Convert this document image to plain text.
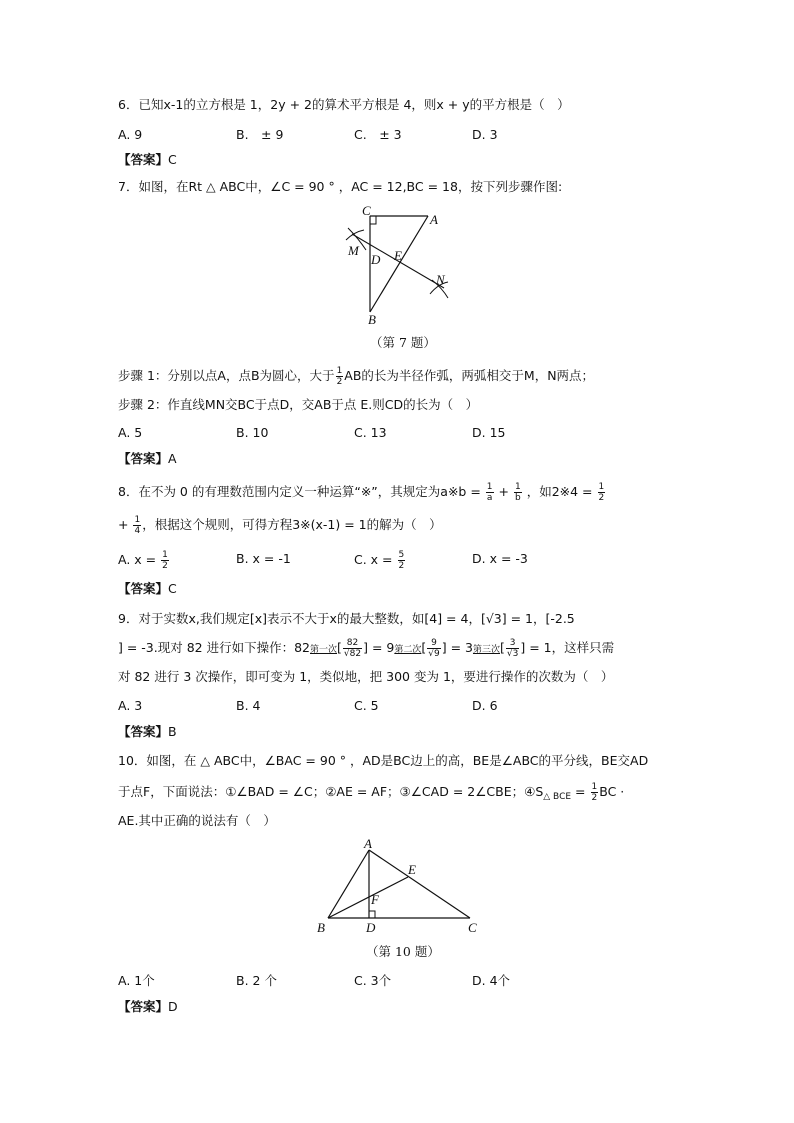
6．已知x-1的立方根是 1，2y + 2的算术平方根是 4，则x + y的平方根是（　）
A. 9	B.　± 9	C.　± 3	D. 3
【答案】C
7．如图，在Rt △ ABC中，∠C = 90 ° ，AC = 12,BC = 18，按下列步骤作图:
C
A
M
D E
N
B
（第 7 题）
步骤 1：分别以点A，点B为圆心，大于 $\frac{1}{2}$ AB的长为半径作弧，两弧相交于M，N两点；
步骤 2：作直线MN交BC于点D，交AB于点 E.则CD的长为（　）
A. 5	B. 10	C. 13	D. 15
【答案】A
8．在不为 0 的有理数范围内定义一种运算“※”，其规定为a※b = $\frac{1}{a} + \frac{1}{b}$ ，如2※4 = $\frac{1}{2}$
+ $\frac{1}{4}$ ，根据这个规则，可得方程3※(x-1) = 1的解为（　）
A. $x = \frac{1}{2}$	B. x = -1	C. $x = \frac{5}{2}$	D. x = -3
【答案】C
9．对于实数x,我们规定[x]表示不大于x的最大整数，如[4] = 4，[√3] = 1，[-2.5
] = -3.现对 82 进行如下操作：82第一次[ $\frac{82}{√82}$ ] = 9第二次[ $\frac{9}{√9}$ ] = 3第三次[ $\frac{3}{√3}$ ] = 1，这样只需
对 82 进行 3 次操作，即可变为 1，类似地，把 300 变为 1，要进行操作的次数为（　）
A. 3	B. 4	C. 5	D. 6
【答案】B
10．如图，在 △ ABC中，∠BAC = 90 ° ，AD是BC边上的高，BE是∠ABC的平分线，BE交AD
于点F，下面说法：①∠BAD = ∠C；②AE = AF；③∠CAD = 2∠CBE；$④S_{\triangle BCE} = \frac{1}{2}$ BC ·
AE.其中正确的说法有（　）
A
E
F
B	D	C
（第 10 题）
A. 1个	B. 2 个	C. 3个	D. 4个
【答案】D
